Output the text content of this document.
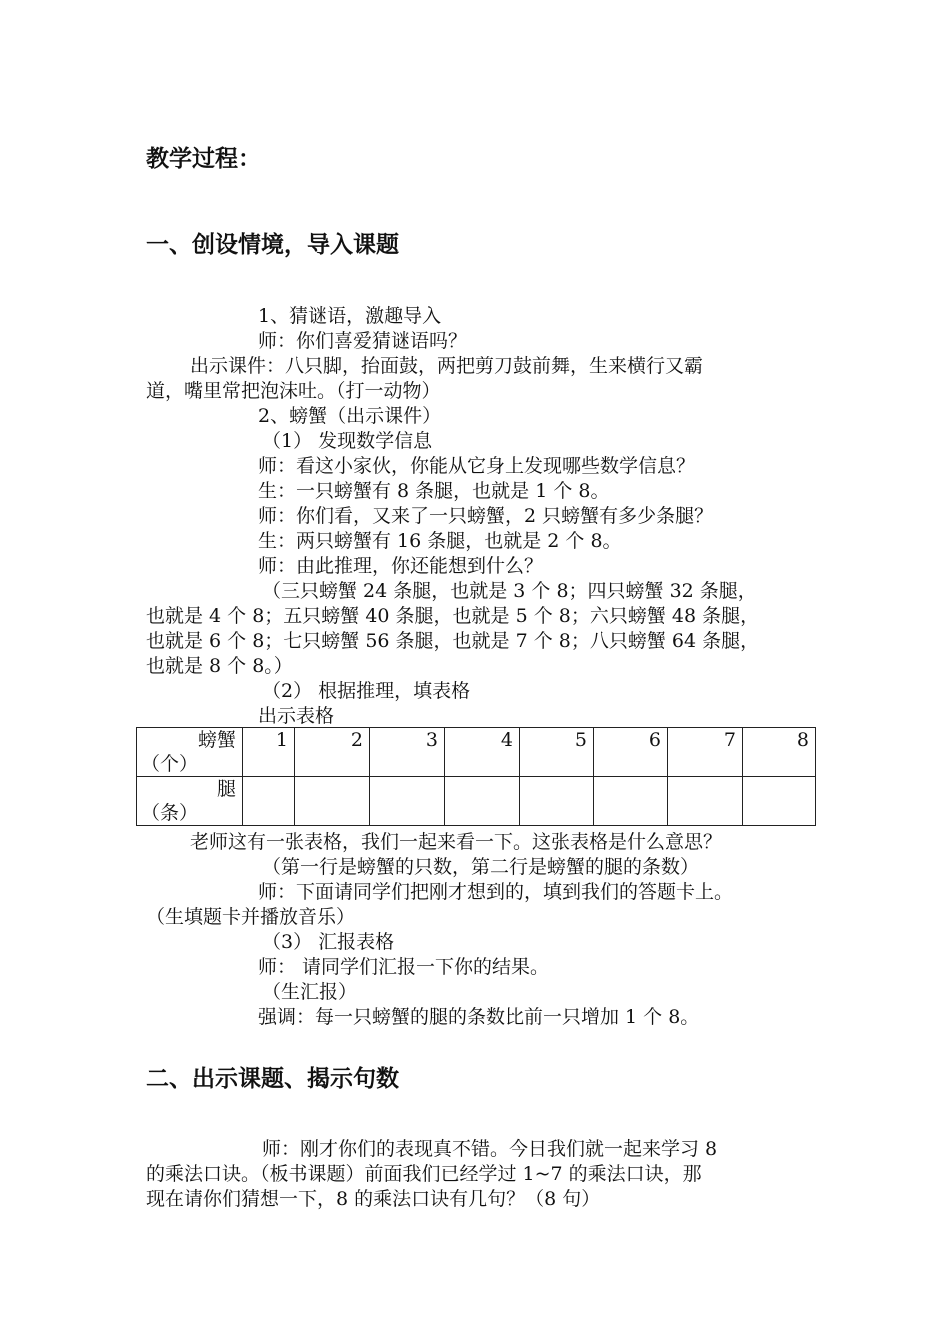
教学过程：
一、创设情境，导入课题
1、猜谜语，激趣导入
师：你们喜爱猜谜语吗？
出示课件：八只脚，抬面鼓，两把剪刀鼓前舞，生来横行又霸
道，嘴里常把泡沫吐。（打一动物）
2、螃蟹（出示课件）
（1） 发现数学信息
师：看这小家伙，你能从它身上发现哪些数学信息？
生：一只螃蟹有 8 条腿，也就是 1 个 8。
师：你们看，又来了一只螃蟹，2 只螃蟹有多少条腿？
生：两只螃蟹有 16 条腿，也就是 2 个 8。
师：由此推理，你还能想到什么？
（三只螃蟹 24 条腿，也就是 3 个 8；四只螃蟹 32 条腿，
也就是 4 个 8；五只螃蟹 40 条腿，也就是 5 个 8；六只螃蟹 48 条腿，
也就是 6 个 8；七只螃蟹 56 条腿，也就是 7 个 8；八只螃蟹 64 条腿，
也就是 8 个 8。）
（2） 根据推理，填表格
出示表格
螃蟹
（个）	1	2	3	4	5	6	7	8

腿
（条）								

老师这有一张表格，我们一起来看一下。这张表格是什么意思？
（第一行是螃蟹的只数，第二行是螃蟹的腿的条数）
师：下面请同学们把刚才想到的，填到我们的答题卡上。
（生填题卡并播放音乐）
（3） 汇报表格
师： 请同学们汇报一下你的结果。
（生汇报）
强调：每一只螃蟹的腿的条数比前一只增加 1 个 8。
二、出示课题、揭示句数
师：刚才你们的表现真不错。今日我们就一起来学习 8
的乘法口诀。（板书课题）前面我们已经学过 1~7 的乘法口诀，那
现在请你们猜想一下，8 的乘法口诀有几句？（8 句）
